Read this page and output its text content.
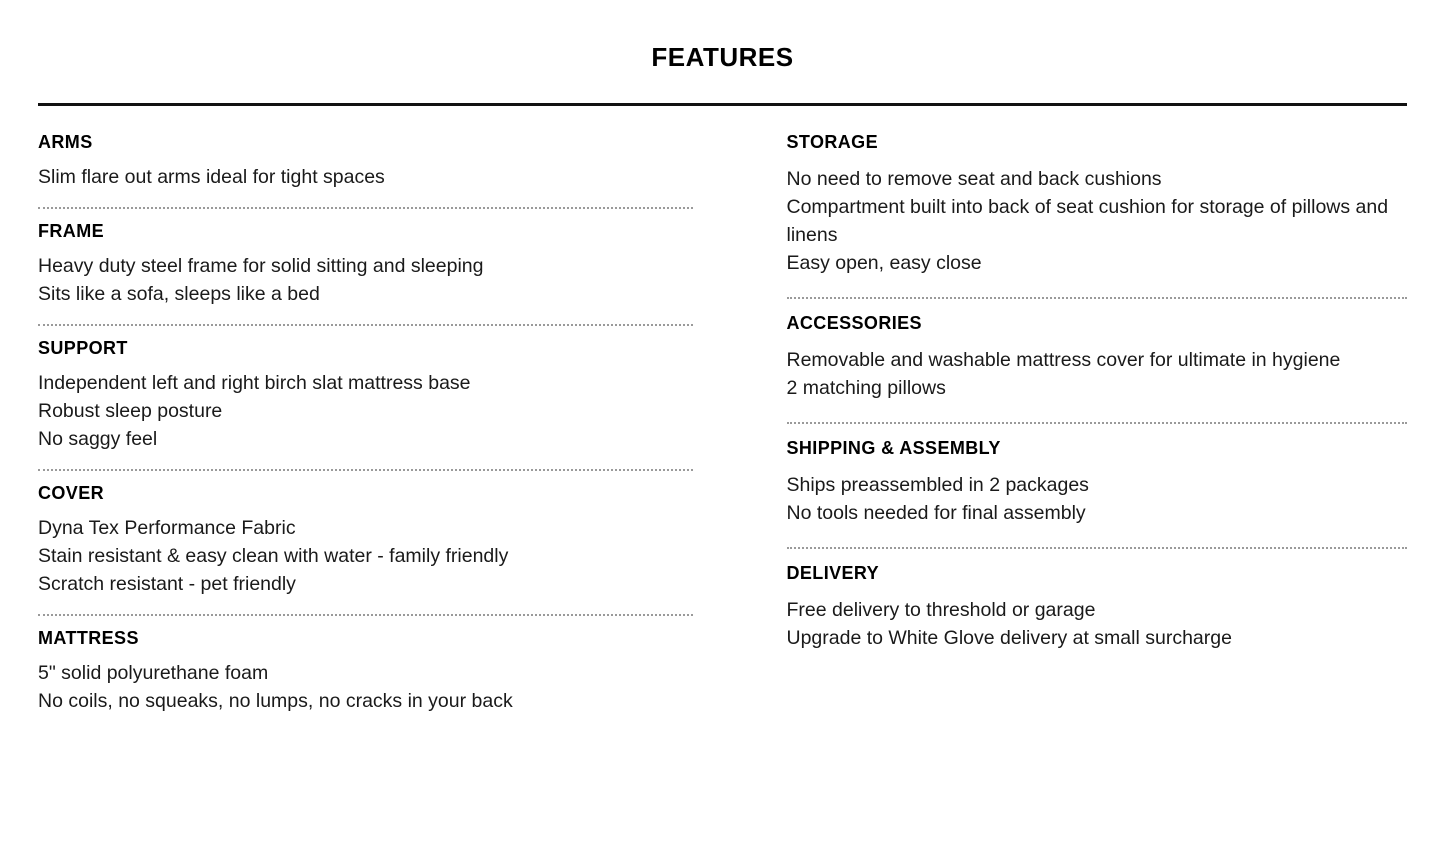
FEATURES
ARMS
Slim flare out arms ideal for tight spaces
FRAME
Heavy duty steel frame for solid sitting and sleeping
Sits like a sofa, sleeps like a bed
SUPPORT
Independent left and right birch slat mattress base
Robust sleep posture
No saggy feel
COVER
Dyna Tex Performance Fabric
Stain resistant & easy clean with water - family friendly
Scratch resistant - pet friendly
MATTRESS
5" solid polyurethane foam
No coils, no squeaks, no lumps, no cracks in your back
STORAGE
No need to remove seat and back cushions
Compartment built into back of seat cushion for storage of pillows and linens
Easy open, easy close
ACCESSORIES
Removable and washable mattress cover for ultimate in hygiene
2 matching pillows
SHIPPING & ASSEMBLY
Ships preassembled in 2 packages
No tools needed for final assembly
DELIVERY
Free delivery to threshold or garage
Upgrade to White Glove delivery at small surcharge
